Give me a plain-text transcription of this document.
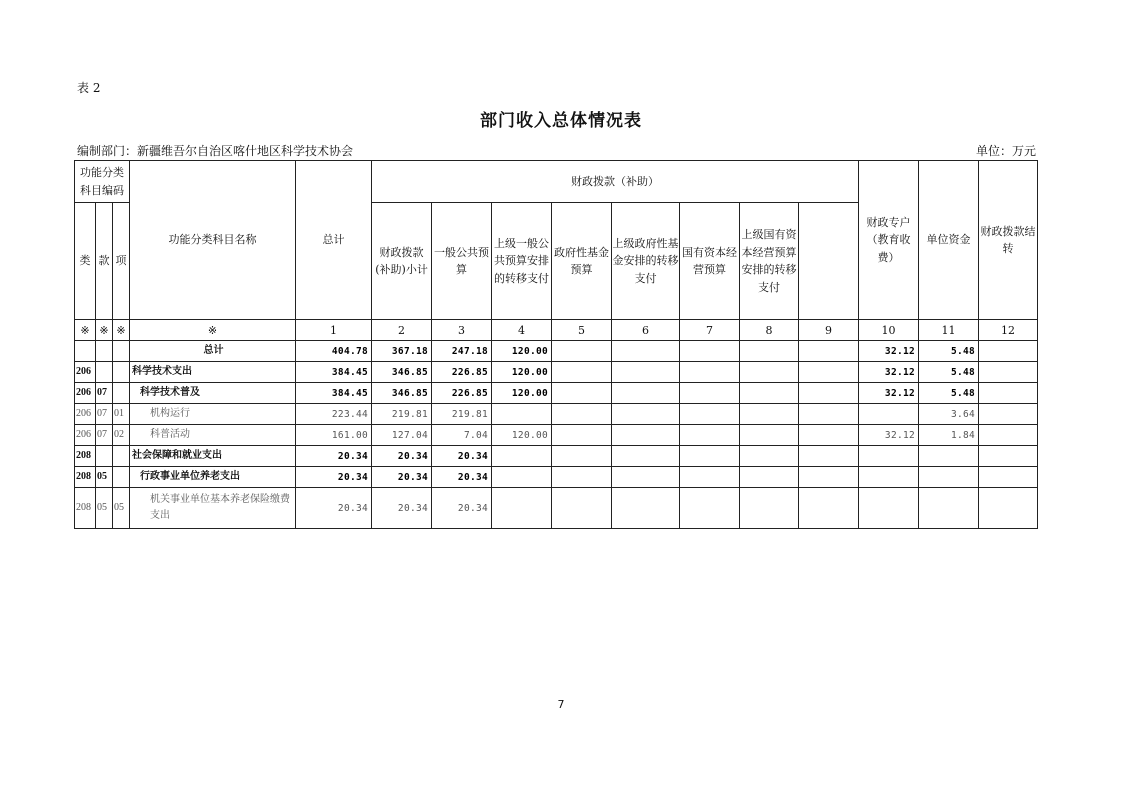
表 2
部门收入总体情况表
编制部门：新疆维吾尔自治区喀什地区科学技术协会	单位：万元
功能分类科目编码			功能分类科目名称	总计	财政拨款（补助）								财政专户（教育收费）	单位资金	财政拨款结转	
类	款	项			财政拨款(补助)小计	一般公共预算	上级一般公共预算安排的转移支付	政府性基金预算	上级政府性基金安排的转移支付	国有资本经营预算	上级国有资本经营预算安排的转移支付					

※	※	※	※	1	2	3	4	5	6	7	8	9	10	11	12	
			总计	404.78	367.18	247.18	120.00						32.12	5.48		
206			科学技术支出	384.45	346.85	226.85	120.00						32.12	5.48		
206	07		科学技术普及	384.45	346.85	226.85	120.00						32.12	5.48		
206	07	01	机构运行	223.44	219.81	219.81								3.64		
206	07	02	科普活动	161.00	127.04	7.04	120.00						32.12	1.84		
208			社会保障和就业支出	20.34	20.34	20.34										
208	05		行政事业单位养老支出	20.34	20.34	20.34										
208	05	05	机关事业单位基本养老保险缴费支出	20.34	20.34	20.34										
7
